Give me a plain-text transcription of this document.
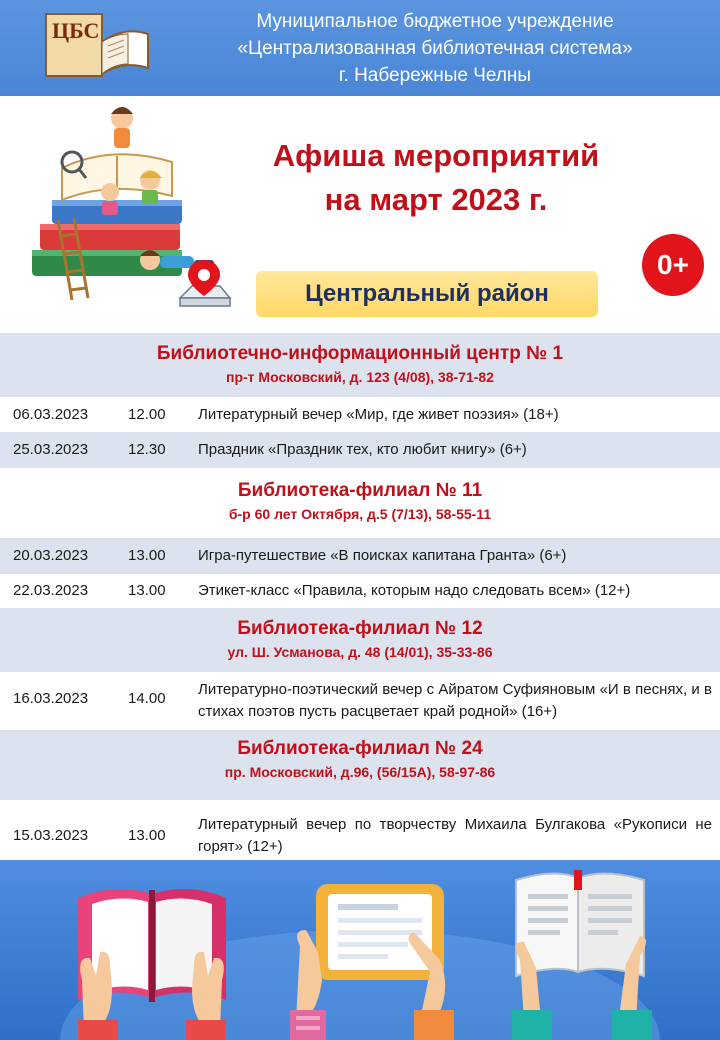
ЦБС	Муниципальное бюджетное учреждение
«Централизованная библиотечная система»
г. Набережные Челны
Афиша мероприятий
на март 2023 г.
Центральный район
0+
Библиотечно-информационный центр № 1
пр-т Московский, д. 123 (4/08), 38-71-82
06.03.2023	12.00 Литературный вечер «Мир, где живет поэзия» (18+)
25.03.2023	12.30 Праздник «Праздник тех, кто любит книгу» (6+)
Библиотека-филиал № 11
б-р 60 лет Октября, д.5 (7/13), 58-55-11
20.03.2023	13.00 Игра-путешествие «В поисках капитана Гранта» (6+)
22.03.2023	13.00 Этикет-класс «Правила, которым надо следовать всем» (12+)
Библиотека-филиал № 12
ул. Ш. Усманова, д. 48 (14/01), 35-33-86
16.03.2023	14.00
Литературно-поэтический вечер с Айратом Суфияновым «И в песнях, и в стихах поэтов пусть расцветает край родной» (16+)
Библиотека-филиал № 24
пр. Московский, д.96, (56/15А), 58-97-86
15.03.2023	13.00
Литературный вечер по творчеству Михаила Булгакова «Рукописи не горят» (12+)
